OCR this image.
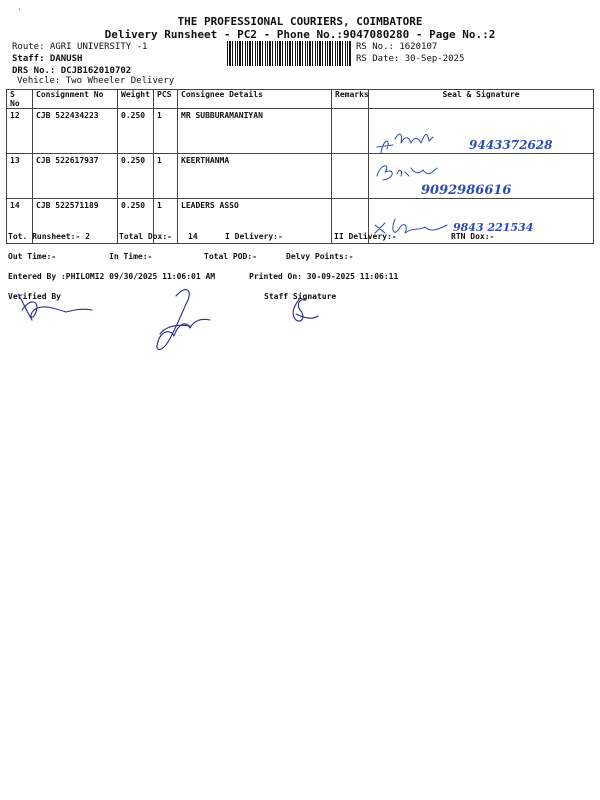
'
THE PROFESSIONAL COURIERS, COIMBATORE
Delivery Runsheet - PC2 - Phone No.:9047080280 - Page No.:2
Route: AGRI UNIVERSITY -1
Staff: DANUSH
DRS No.: DCJB162010702
Vehicle: Two Wheeler Delivery
RS No.: 1620107
RS Date: 30-Sep-2025
S No	Consignment No	Weight	PCS	Consignee Details	Remarks	Seal & Signature
12	CJB 522434223	0.250	1	MR SUBBURAMANIYAN		9443372628

13	CJB 522617937	0.250	1	KEERTHANMA		9092986616

14	CJB 522571189	0.250	1	LEADERS ASSO		9843 221534
Tot. Runsheet:- 2	Total Dox:- 14	I Delivery:-	II Delivery:-	RTN Dox:-
Out Time:-	In Time:-	Total POD:-	Delvy Points:-
Entered By :PHILOMI2 09/30/2025 11:06:01 AM	Printed On: 30-09-2025 11:06:11
Verified By	Staff Signature
